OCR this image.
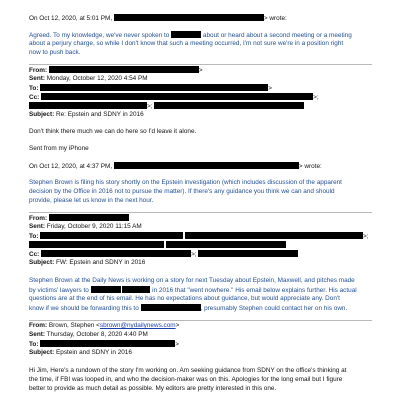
On Oct 12, 2020, at 5:01 PM,	> wrote:
Agreed. To my knowledge, we've never spoken to	about or heard about a second meeting or a meeting
about a perjury charge, so while I don't know that such a meeting occurred, I'm not sure we're in a position right
now to push back.
From:	>
Sent: Monday, October 12, 2020 4:54 PM
To:	>
Cc:	>;
>;
Subject: Re: Epstein and SDNY in 2016
Don't think there much we can do here so I'd leave it alone.
Sent from my iPhone
On Oct 12, 2020, at 4:37 PM,	> wrote:
Stephen Brown is filing his story shortly on the Epstein investigation (which includes discussion of the apparent
decision by the Office in 2016 not to pursue the matter). If there's any guidance you think we can and should
provide, please let us know in the next hour.
From:
Sent: Friday, October 9, 2020 11:15 AM
To:	>;

Cc:	>;
Subject: FW: Epstein and SDNY in 2016
Stephen Brown at the Daily News is working on a story for next Tuesday about Epstein, Maxwell, and pitches made
by victims' lawyers to	in 2016 that "went nowhere." His email below explains further. His actual
questions are at the end of his email. He has no expectations about guidance, but would appreciate any. Don't
know if we should be forwarding this to	, presumably Stephen could contact her on his own.
From: Brown, Stephen <sbrown@nydailynews.com>
Sent: Thursday, October 8, 2020 4:40 PM
To:	>
Subject: Epstein and SDNY in 2016
Hi Jim, Here's a rundown of the story I'm working on. Am seeking guidance from SDNY on the office's thinking at
the time, if FBI was looped in, and who the decision-maker was on this. Apologies for the long email but I figure
better to provide as much detail as possible. My editors are pretty interested in this one.
